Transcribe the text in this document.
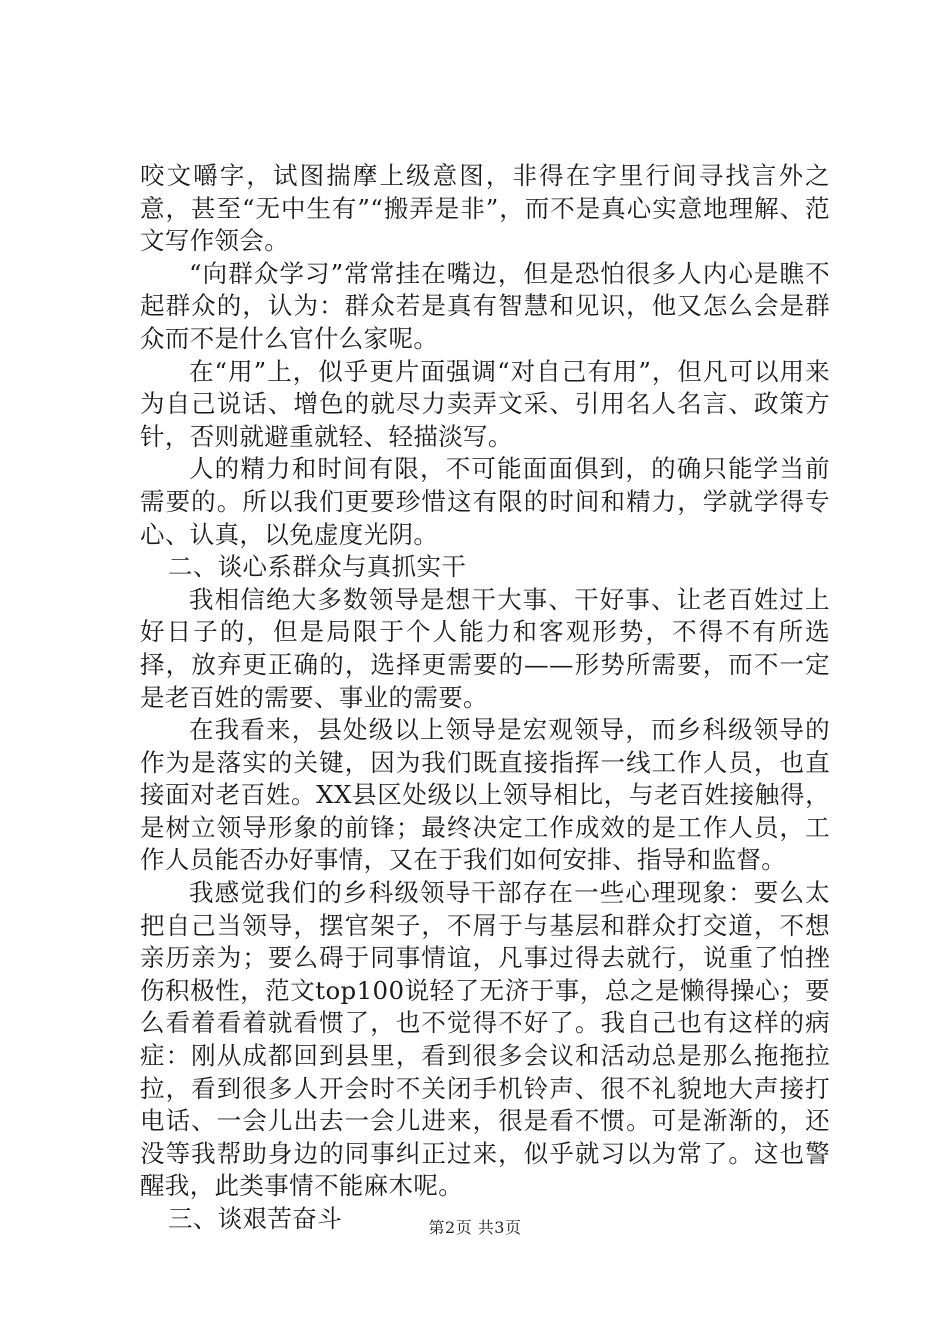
咬文嚼字，试图揣摩上级意图，非得在字里行间寻找言外之意，甚至“无中生有”“搬弄是非”，而不是真心实意地理解、范文写作领会。

“向群众学习”常常挂在嘴边，但是恐怕很多人内心是瞧不起群众的，认为：群众若是真有智慧和见识，他又怎么会是群众而不是什么官什么家呢。

在“用”上，似乎更片面强调“对自己有用”，但凡可以用来为自己说话、增色的就尽力卖弄文采、引用名人名言、政策方针，否则就避重就轻、轻描淡写。

人的精力和时间有限，不可能面面俱到，的确只能学当前需要的。所以我们更要珍惜这有限的时间和精力，学就学得专心、认真，以免虚度光阴。

二、谈心系群众与真抓实干

我相信绝大多数领导是想干大事、干好事、让老百姓过上好日子的，但是局限于个人能力和客观形势，不得不有所选择，放弃更正确的，选择更需要的——形势所需要，而不一定是老百姓的需要、事业的需要。

在我看来，县处级以上领导是宏观领导，而乡科级领导的作为是落实的关键，因为我们既直接指挥一线工作人员，也直接面对老百姓。XX县区处级以上领导相比，与老百姓接触得，是树立领导形象的前锋；最终决定工作成效的是工作人员，工作人员能否办好事情，又在于我们如何安排、指导和监督。

我感觉我们的乡科级领导干部存在一些心理现象：要么太把自己当领导，摆官架子，不屑于与基层和群众打交道，不想亲历亲为；要么碍于同事情谊，凡事过得去就行，说重了怕挫伤积极性，范文top100说轻了无济于事，总之是懒得操心；要么看着看着就看惯了，也不觉得不好了。我自己也有这样的病症：刚从成都回到县里，看到很多会议和活动总是那么拖拖拉拉，看到很多人开会时不关闭手机铃声、很不礼貌地大声接打电话、一会儿出去一会儿进来，很是看不惯。可是渐渐的，还没等我帮助身边的同事纠正过来，似乎就习以为常了。这也警醒我，此类事情不能麻木呢。

三、谈艰苦奋斗	第2页 共3页
